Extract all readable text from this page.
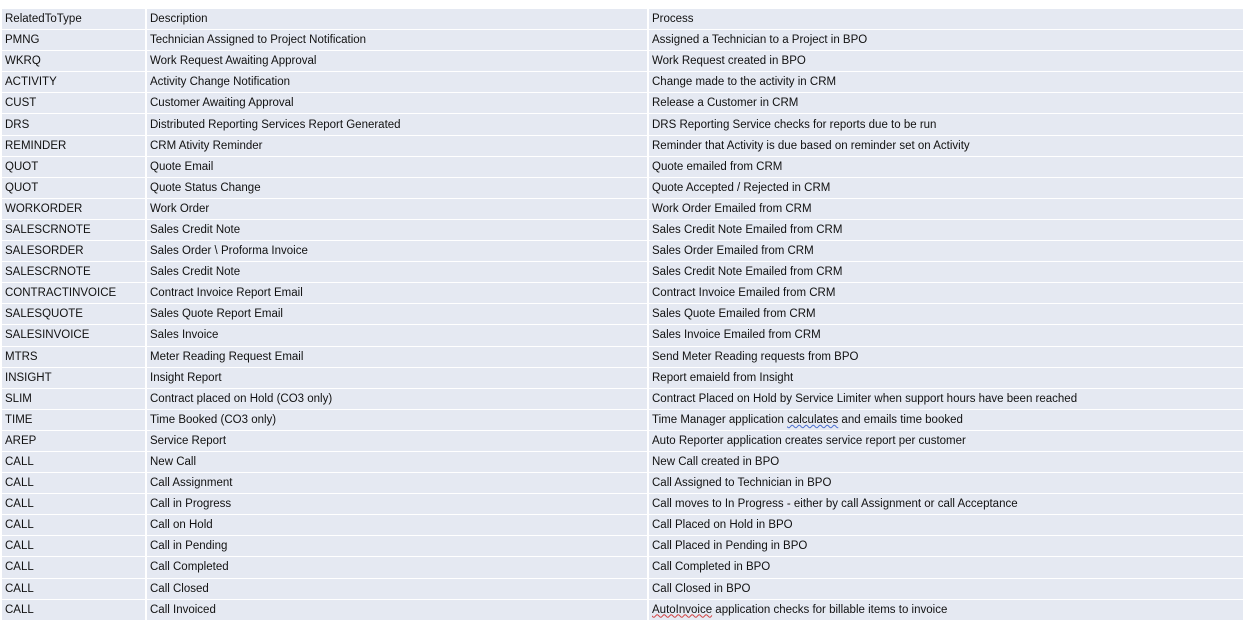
RelatedToType	Description	Process
PMNG	Technician Assigned to Project Notification	Assigned a Technician to a Project in BPO
WKRQ	Work Request Awaiting Approval	Work Request created in BPO
ACTIVITY	Activity Change Notification	Change made to the activity in CRM
CUST	Customer Awaiting Approval	Release a Customer in CRM
DRS	Distributed Reporting Services Report Generated	DRS Reporting Service checks for reports due to be run
REMINDER	CRM Ativity Reminder	Reminder that Activity is due based on reminder set on Activity
QUOT	Quote Email	Quote emailed from CRM
QUOT	Quote Status Change	Quote Accepted / Rejected in CRM
WORKORDER	Work Order	Work Order Emailed from CRM
SALESCRNOTE	Sales Credit Note	Sales Credit Note Emailed from CRM
SALESORDER	Sales Order \ Proforma Invoice	Sales Order Emailed from CRM
SALESCRNOTE	Sales Credit Note	Sales Credit Note Emailed from CRM
CONTRACTINVOICE	Contract Invoice Report Email	Contract Invoice Emailed from CRM
SALESQUOTE	Sales Quote Report Email	Sales Quote Emailed from CRM
SALESINVOICE	Sales Invoice	Sales Invoice Emailed from CRM
MTRS	Meter Reading Request Email	Send Meter Reading requests from BPO
INSIGHT	Insight Report	Report emaield from Insight
SLIM	Contract placed on Hold (CO3 only)	Contract Placed on Hold by Service Limiter when support hours have been reached
TIME	Time Booked (CO3 only)	Time Manager application calculates and emails time booked
AREP	Service Report	Auto Reporter application creates service report per customer
CALL	New Call	New Call created in BPO
CALL	Call Assignment	Call Assigned to Technician in BPO
CALL	Call in Progress	Call moves to In Progress - either by call Assignment or call Acceptance
CALL	Call on Hold	Call Placed on Hold in BPO
CALL	Call in Pending	Call Placed in Pending in BPO
CALL	Call Completed	Call Completed in BPO
CALL	Call Closed	Call Closed in BPO
CALL	Call Invoiced	AutoInvoice application checks for billable items to invoice
